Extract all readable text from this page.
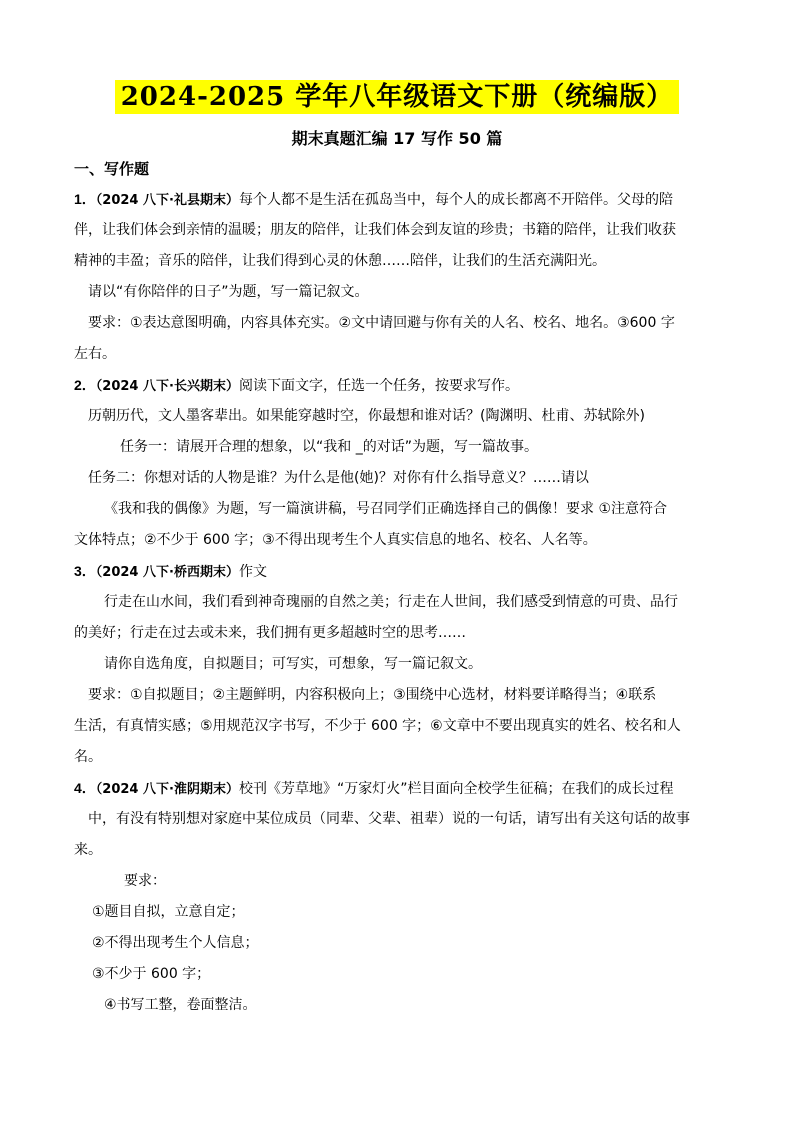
2024-2025 学年八年级语文下册（统编版）
期末真题汇编 17 写作 50 篇
一、写作题
1．（2024 八下·礼县期末）每个人都不是生活在孤岛当中，每个人的成长都离不开陪伴。父母的陪
伴，让我们体会到亲情的温暖；朋友的陪伴，让我们体会到友谊的珍贵；书籍的陪伴，让我们收获
精神的丰盈；音乐的陪伴，让我们得到心灵的休憩……陪伴，让我们的生活充满阳光。
请以“有你陪伴的日子”为题，写一篇记叙文。
要求：①表达意图明确，内容具体充实。②文中请回避与你有关的人名、校名、地名。③600 字
左右。
2．（2024 八下·长兴期末）阅读下面文字，任选一个任务，按要求写作。
历朝历代，文人墨客辈出。如果能穿越时空，你最想和谁对话？(陶渊明、杜甫、苏轼除外)
任务一：请展开合理的想象，以“我和 _的对话”为题，写一篇故事。
任务二：你想对话的人物是谁？为什么是他(她)？对你有什么指导意义？……请以
《我和我的偶像》为题，写一篇演讲稿，号召同学们正确选择自己的偶像！要求 ①注意符合
文体特点；②不少于 600 字；③不得出现考生个人真实信息的地名、校名、人名等。
3．（2024 八下·桥西期末）作文
行走在山水间，我们看到神奇瑰丽的自然之美；行走在人世间，我们感受到情意的可贵、品行
的美好；行走在过去或未来，我们拥有更多超越时空的思考……
请你自选角度，自拟题目；可写实，可想象，写一篇记叙文。
要求：①自拟题目；②主题鲜明，内容积极向上；③围绕中心选材，材料要详略得当；④联系
生活，有真情实感；⑤用规范汉字书写，不少于 600 字；⑥文章中不要出现真实的姓名、校名和人
名。
4．（2024 八下·淮阴期末）校刊《芳草地》“万家灯火”栏目面向全校学生征稿；在我们的成长过程
中，有没有特别想对家庭中某位成员（同辈、父辈、祖辈）说的一句话，请写出有关这句话的故事
来。
要求：
①题目自拟，立意自定；
②不得出现考生个人信息；
③不少于 600 字；
④书写工整，卷面整洁。
